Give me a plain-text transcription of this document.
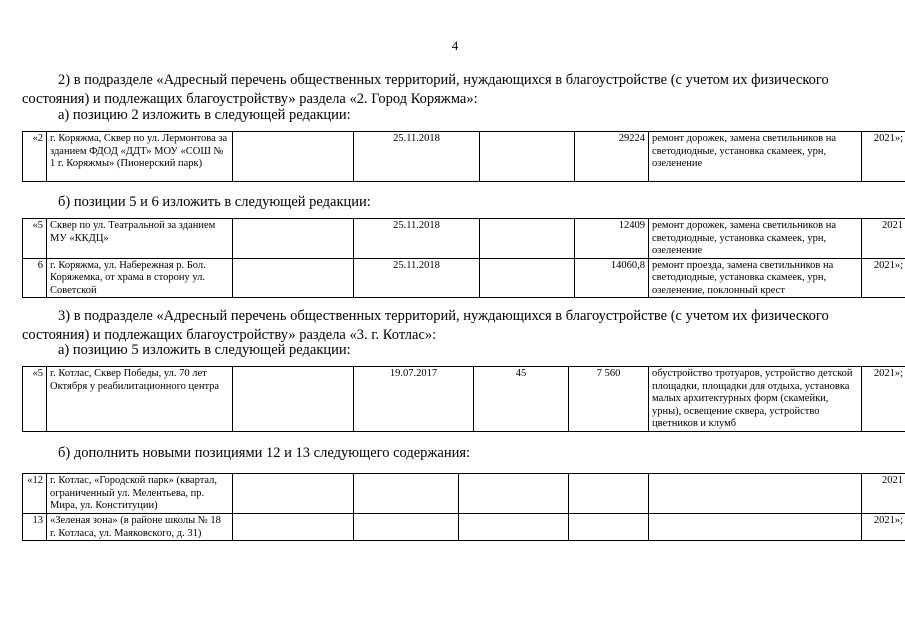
4
2) в подразделе «Адресный перечень общественных территорий, нуждающихся в благоустройстве (с учетом их физического состояния) и подлежащих благоустройству» раздела «2. Город Коряжма»:
а) позицию 2 изложить в следующей редакции:
«2	г. Коряжма, Сквер по ул. Лермонтова за зданием ФДОД «ДДТ» МОУ «СОШ № 1 г. Коряжмы» (Пионерский парк)		25.11.2018		29224	ремонт дорожек, замена светильников на светодиодные, установка скамеек, урн, озеленение	2021»;
б) позиции 5 и 6 изложить в следующей редакции:
«5	Сквер по ул. Театральной за зданием МУ «ККДЦ»		25.11.2018		12409	ремонт дорожек, замена светильников на светодиодные, установка скамеек, урн, озеленение	2021
6	г. Коряжма, ул. Набережная р. Бол. Коряжемка, от храма в сторону ул. Советской		25.11.2018		14060,8	ремонт проезда, замена светильников на светодиодные, установка скамеек, урн, озеленение, поклонный крест	2021»;
3) в подразделе «Адресный перечень общественных территорий, нуждающихся в благоустройстве (с учетом их физического состояния) и подлежащих благоустройству» раздела «3. г. Котлас»:
а) позицию 5 изложить в следующей редакции:
«5	г. Котлас, Сквер Победы, ул. 70 лет Октября у реабилитационного центра		19.07.2017	45	7 560	обустройство тротуаров, устройство детской площадки, площадки для отдыха, установка малых архитектурных форм (скамейки, урны), освещение сквера, устройство цветников и клумб	2021»;
б) дополнить новыми позициями 12 и 13 следующего содержания:
«12	г. Котлас, «Городской парк» (квартал, ограниченный ул. Мелентьева, пр. Мира, ул. Конституции)						2021
13	«Зеленая зона» (в районе школы № 18 г. Котласа, ул. Маяковского, д. 31)						2021»;
